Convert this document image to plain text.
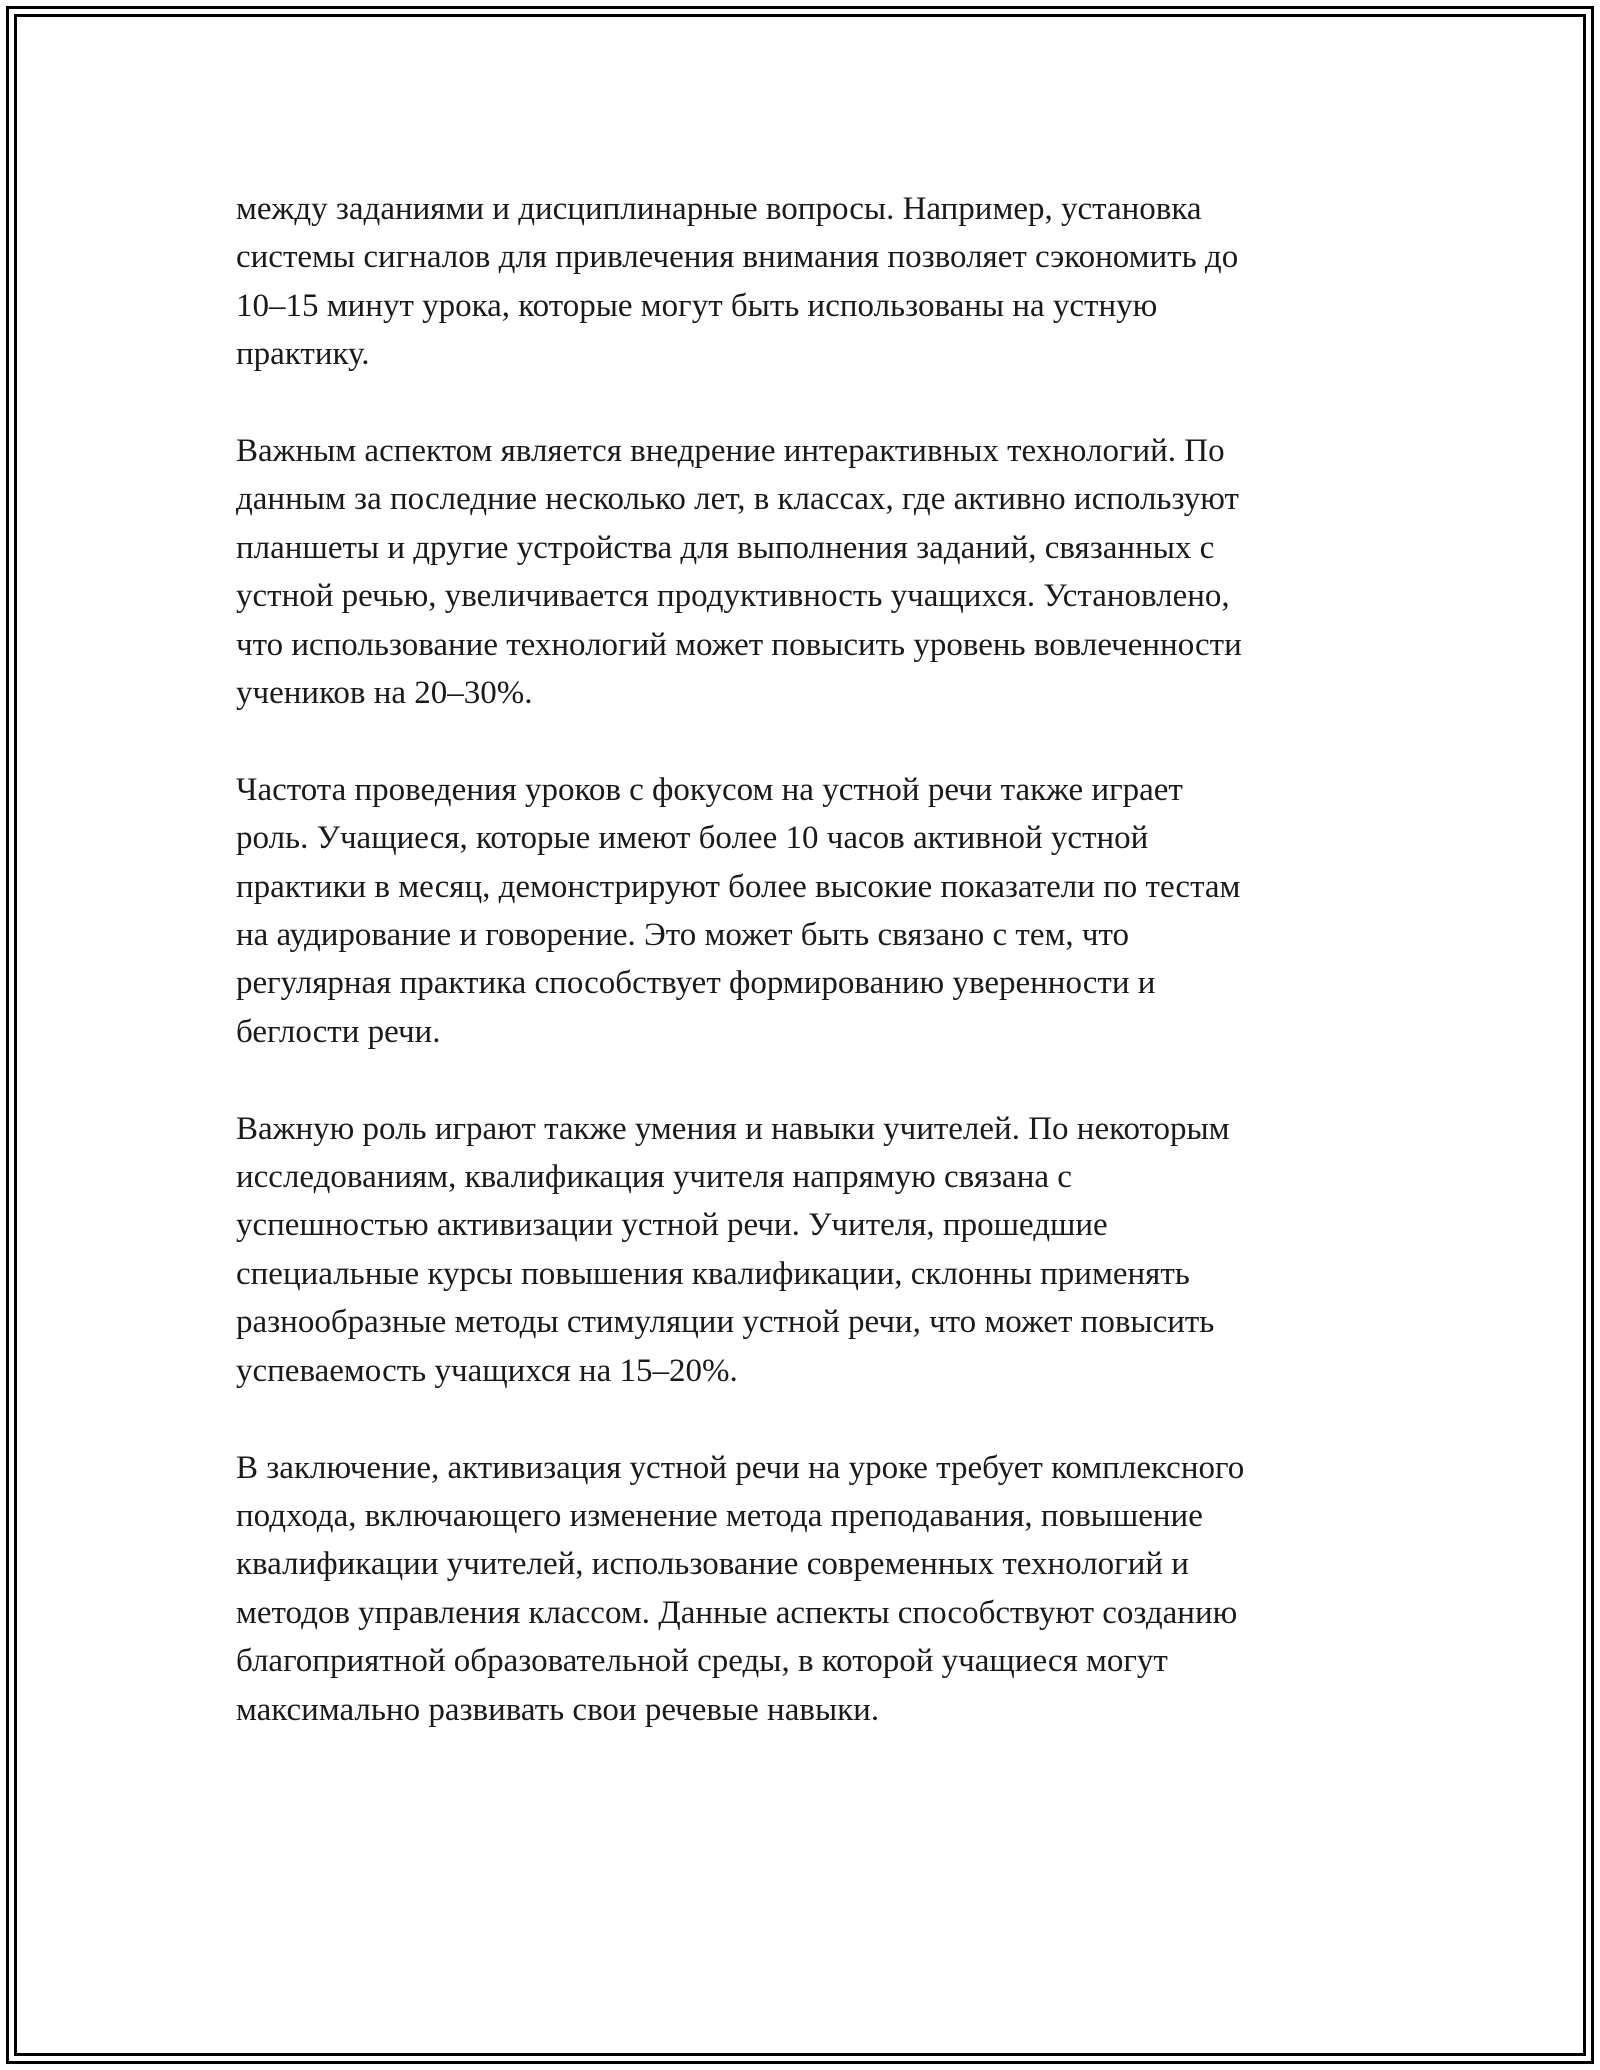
между заданиями и дисциплинарные вопросы. Например, установка
системы сигналов для привлечения внимания позволяет сэкономить до
10–15 минут урока, которые могут быть использованы на устную
практику.

Важным аспектом является внедрение интерактивных технологий. По
данным за последние несколько лет, в классах, где активно используют
планшеты и другие устройства для выполнения заданий, связанных с
устной речью, увеличивается продуктивность учащихся. Установлено,
что использование технологий может повысить уровень вовлеченности
учеников на 20–30%.

Частота проведения уроков с фокусом на устной речи также играет
роль. Учащиеся, которые имеют более 10 часов активной устной
практики в месяц, демонстрируют более высокие показатели по тестам
на аудирование и говорение. Это может быть связано с тем, что
регулярная практика способствует формированию уверенности и
беглости речи.

Важную роль играют также умения и навыки учителей. По некоторым
исследованиям, квалификация учителя напрямую связана с
успешностью активизации устной речи. Учителя, прошедшие
специальные курсы повышения квалификации, склонны применять
разнообразные методы стимуляции устной речи, что может повысить
успеваемость учащихся на 15–20%.

В заключение, активизация устной речи на уроке требует комплексного
подхода, включающего изменение метода преподавания, повышение
квалификации учителей, использование современных технологий и
методов управления классом. Данные аспекты способствуют созданию
благоприятной образовательной среды, в которой учащиеся могут
максимально развивать свои речевые навыки.
